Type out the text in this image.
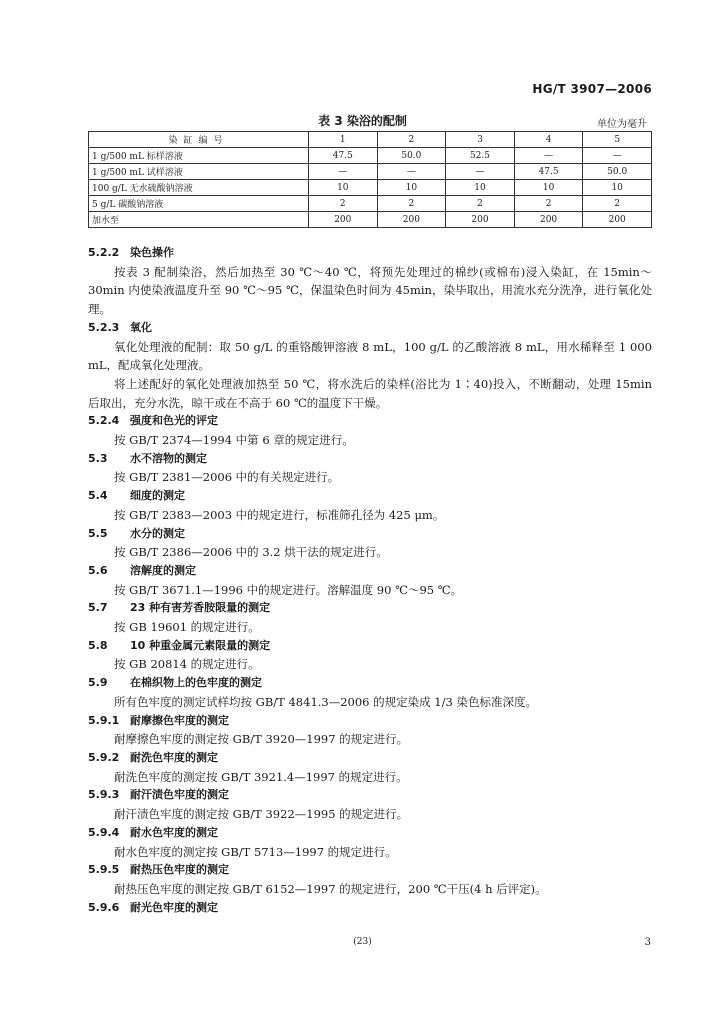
HG/T 3907—2006
表 3 染浴的配制	单位为毫升
染缸编号	1	2	3	4	5
1 g/500 mL 标样溶液	47.5	50.0	52.5	—	—
1 g/500 mL 试样溶液	—	—	—	47.5	50.0
100 g/L 无水硫酸钠溶液	10	10	10	10	10
5 g/L 碳酸钠溶液	2	2	2	2	2
加水至	200	200	200	200	200
5.2.2 染色操作
按表 3 配制染浴，然后加热至 30 ℃～40 ℃，将预先处理过的棉纱(或棉布)浸入染缸，在 15min～30min 内使染液温度升至 90 ℃～95 ℃，保温染色时间为 45min，染毕取出，用流水充分洗净，进行氧化处理。
5.2.3 氧化
氧化处理液的配制：取 50 g/L 的重铬酸钾溶液 8 mL，100 g/L 的乙酸溶液 8 mL，用水稀释至 1 000 mL，配成氧化处理液。
将上述配好的氧化处理液加热至 50 ℃，将水洗后的染样(浴比为 1∶40)投入，不断翻动，处理 15min 后取出，充分水洗，晾干或在不高于 60 ℃的温度下干燥。
5.2.4 强度和色光的评定
按 GB/T 2374—1994 中第 6 章的规定进行。
5.3 水不溶物的测定
按 GB/T 2381—2006 中的有关规定进行。
5.4 细度的测定
按 GB/T 2383—2003 中的规定进行，标准筛孔径为 425 μm。
5.5 水分的测定
按 GB/T 2386—2006 中的 3.2 烘干法的规定进行。
5.6 溶解度的测定
按 GB/T 3671.1—1996 中的规定进行。溶解温度 90 ℃～95 ℃。
5.7 23 种有害芳香胺限量的测定
按 GB 19601 的规定进行。
5.8 10 种重金属元素限量的测定
按 GB 20814 的规定进行。
5.9 在棉织物上的色牢度的测定
所有色牢度的测定试样均按 GB/T 4841.3—2006 的规定染成 1/3 染色标准深度。
5.9.1 耐摩擦色牢度的测定
耐摩擦色牢度的测定按 GB/T 3920—1997 的规定进行。
5.9.2 耐洗色牢度的测定
耐洗色牢度的测定按 GB/T 3921.4—1997 的规定进行。
5.9.3 耐汗渍色牢度的测定
耐汗渍色牢度的测定按 GB/T 3922—1995 的规定进行。
5.9.4 耐水色牢度的测定
耐水色牢度的测定按 GB/T 5713—1997 的规定进行。
5.9.5 耐热压色牢度的测定
耐热压色牢度的测定按 GB/T 6152—1997 的规定进行，200 ℃干压(4 h 后评定)。
5.9.6 耐光色牢度的测定
(23)	3
